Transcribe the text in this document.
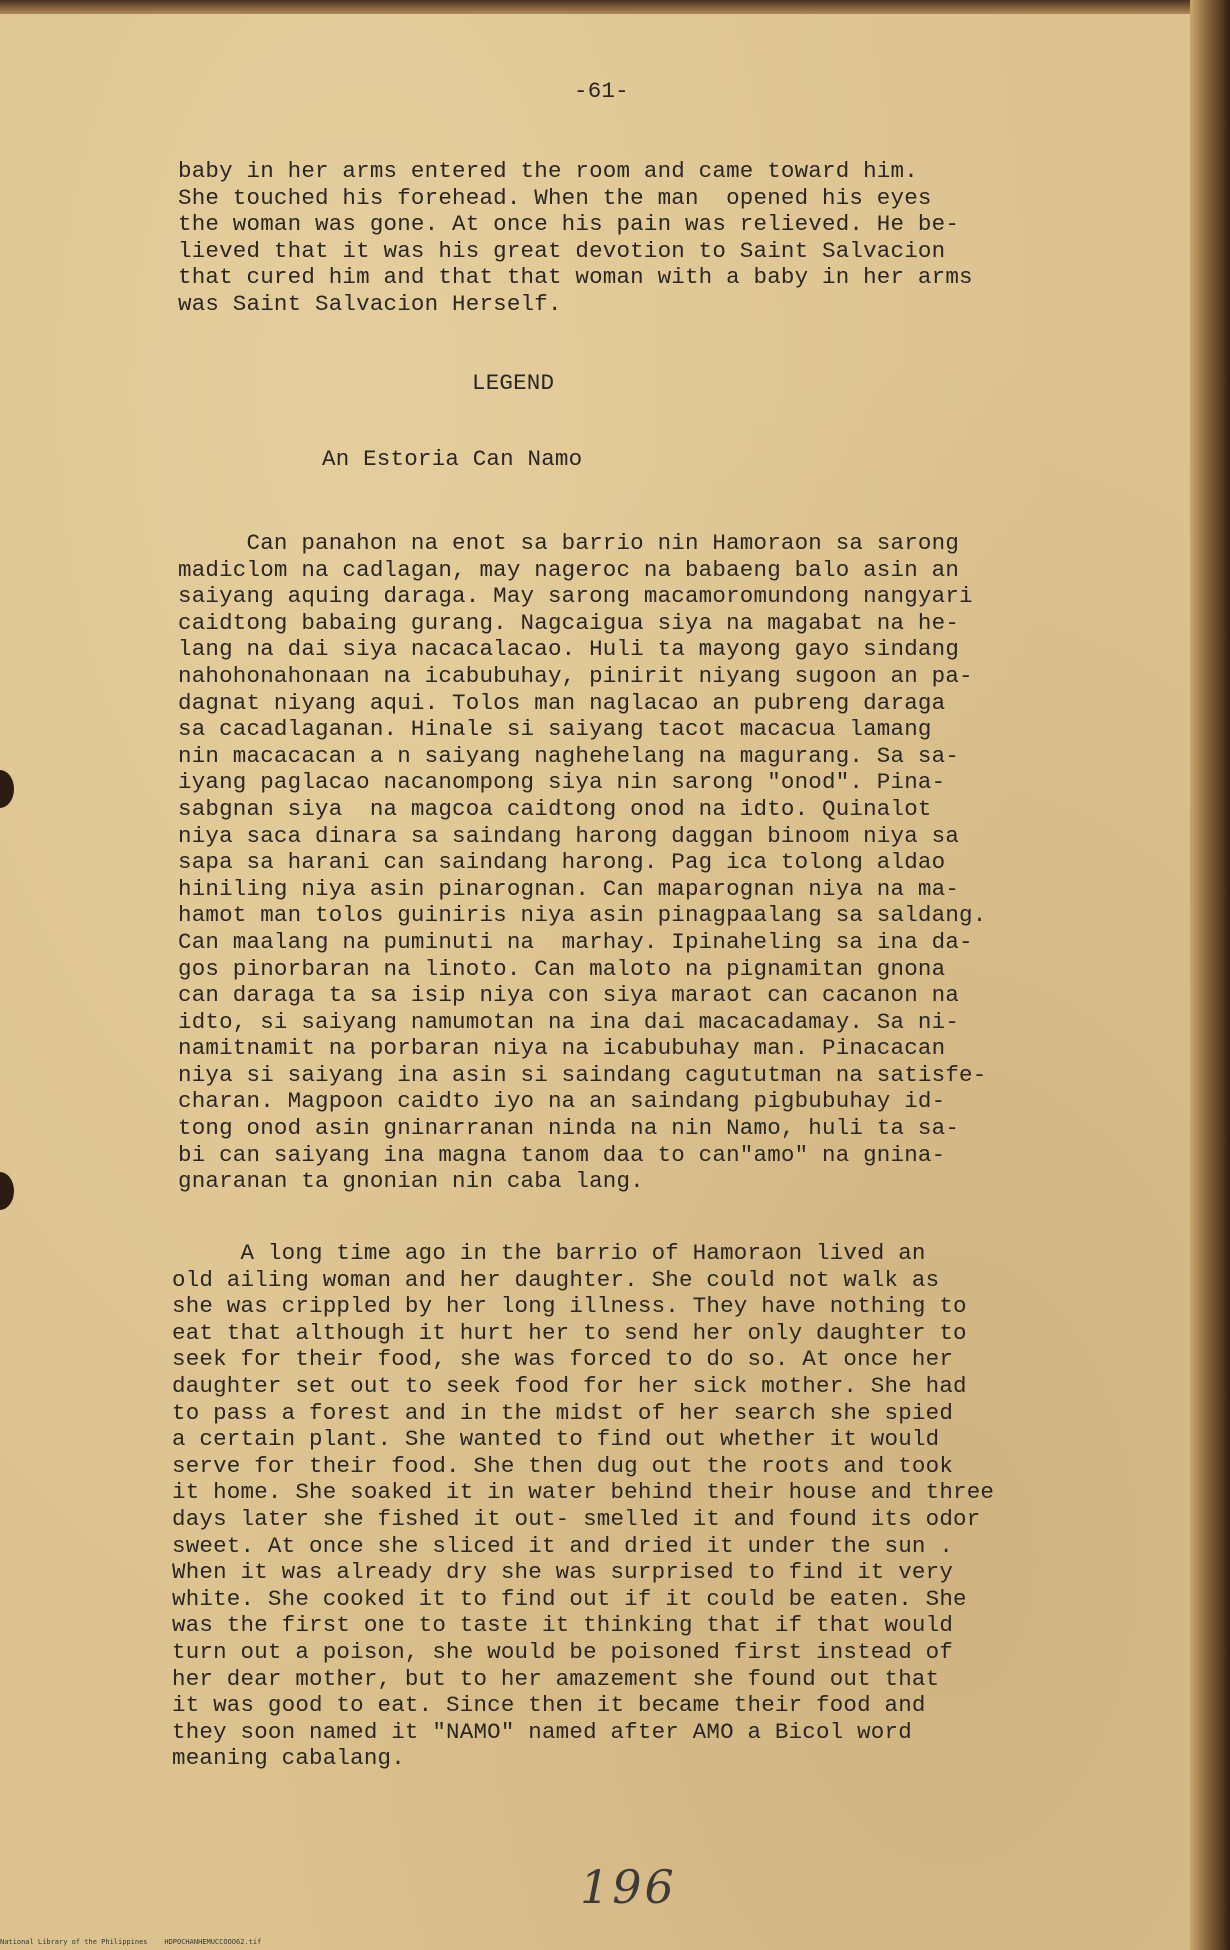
-61-
baby in her arms entered the room and came toward him.
She touched his forehead. When the man  opened his eyes
the woman was gone. At once his pain was relieved. He be-
lieved that it was his great devotion to Saint Salvacion
that cured him and that that woman with a baby in her arms
was Saint Salvacion Herself.
LEGEND
An Estoria Can Namo
Can panahon na enot sa barrio nin Hamoraon sa sarong
madiclom na cadlagan, may nageroc na babaeng balo asin an
saiyang aquing daraga. May sarong macamoromundong nangyari
caidtong babaing gurang. Nagcaigua siya na magabat na he-
lang na dai siya nacacalacao. Huli ta mayong gayo sindang
nahohonahonaan na icabubuhay, pinirit niyang sugoon an pa-
dagnat niyang aqui. Tolos man naglacao an pubreng daraga
sa cacadlaganan. Hinale si saiyang tacot macacua lamang
nin macacacan a n saiyang naghehelang na magurang. Sa sa-
iyang paglacao nacanompong siya nin sarong "onod". Pina-
sabgnan siya  na magcoa caidtong onod na idto. Quinalot
niya saca dinara sa saindang harong daggan binoom niya sa
sapa sa harani can saindang harong. Pag ica tolong aldao
hiniling niya asin pinarognan. Can maparognan niya na ma-
hamot man tolos guiniris niya asin pinagpaalang sa saldang.
Can maalang na puminuti na  marhay. Ipinaheling sa ina da-
gos pinorbaran na linoto. Can maloto na pignamitan gnona
can daraga ta sa isip niya con siya maraot can cacanon na
idto, si saiyang namumotan na ina dai macacadamay. Sa ni-
namitnamit na porbaran niya na icabubuhay man. Pinacacan
niya si saiyang ina asin si saindang cagututman na satisfe-
charan. Magpoon caidto iyo na an saindang pigbubuhay id-
tong onod asin gninarranan ninda na nin Namo, huli ta sa-
bi can saiyang ina magna tanom daa to can"amo" na gnina-
gnaranan ta gnonian nin caba lang.
A long time ago in the barrio of Hamoraon lived an
old ailing woman and her daughter. She could not walk as
she was crippled by her long illness. They have nothing to
eat that although it hurt her to send her only daughter to
seek for their food, she was forced to do so. At once her
daughter set out to seek food for her sick mother. She had
to pass a forest and in the midst of her search she spied
a certain plant. She wanted to find out whether it would
serve for their food. She then dug out the roots and took
it home. She soaked it in water behind their house and three
days later she fished it out- smelled it and found its odor
sweet. At once she sliced it and dried it under the sun .
When it was already dry she was surprised to find it very
white. She cooked it to find out if it could be eaten. She
was the first one to taste it thinking that if that would
turn out a poison, she would be poisoned first instead of
her dear mother, but to her amazement she found out that
it was good to eat. Since then it became their food and
they soon named it "NAMO" named after AMO a Bicol word
meaning cabalang.
196
National Library of the Philippines    HDPOCHANHEMUCCOOO62.tif
